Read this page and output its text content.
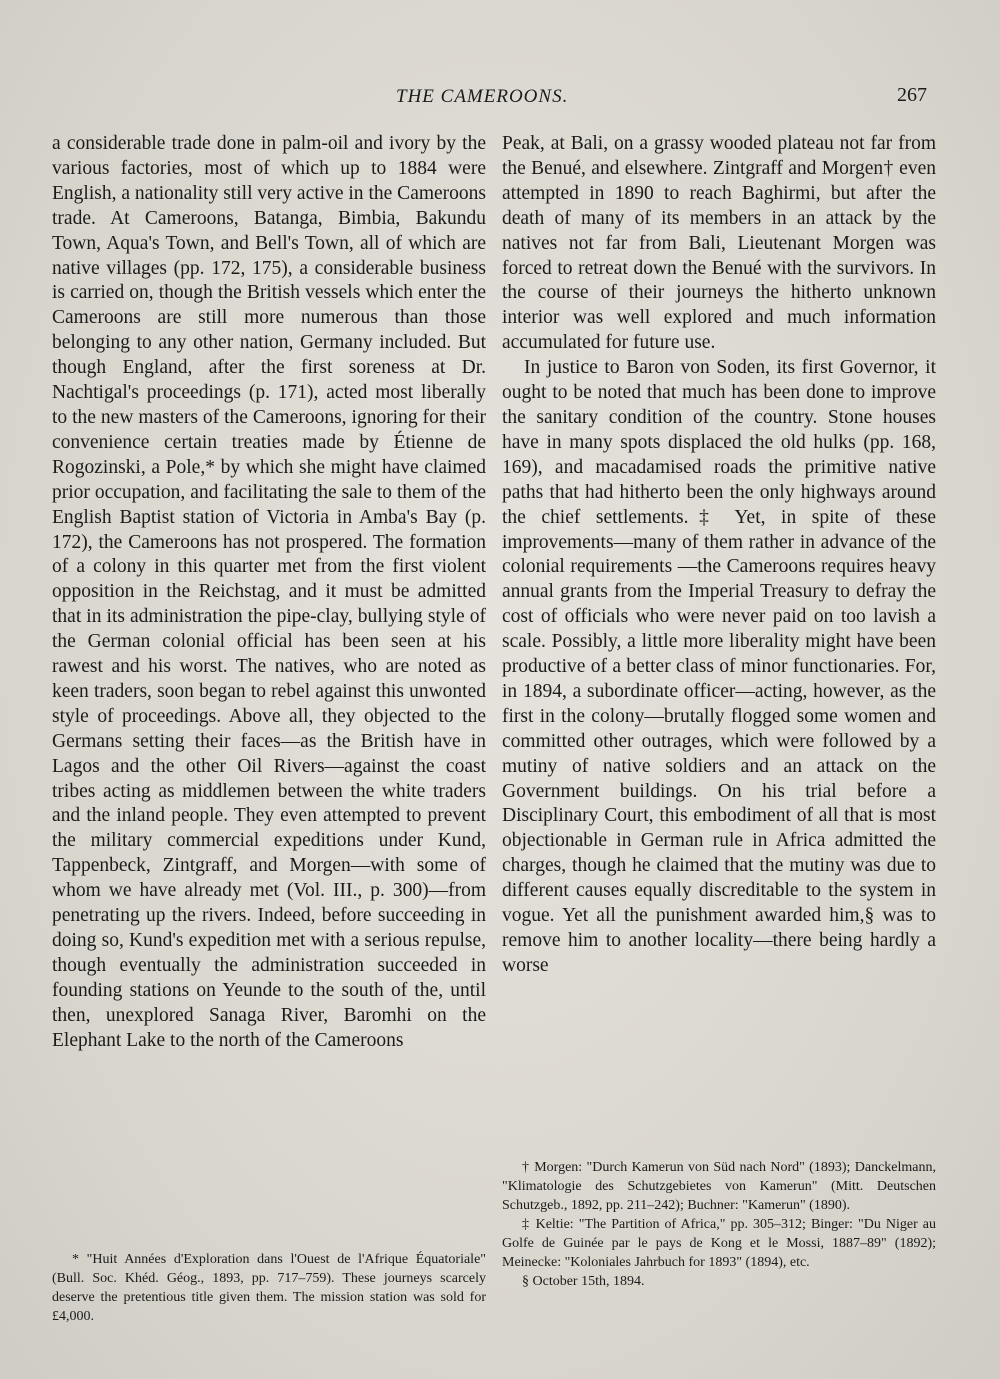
THE CAMEROONS.	267

a considerable trade done in palm-oil and ivory by the various factories, most of which up to 1884 were English, a nationality still very active in the Cameroons trade. At Cameroons, Batanga, Bimbia, Bakundu Town, Aqua's Town, and Bell's Town, all of which are native villages (pp. 172, 175), a considerable business is carried on, though the British vessels which enter the Cameroons are still more numerous than those belonging to any other nation, Germany included. But though England, after the first soreness at Dr. Nachtigal's proceedings (p. 171), acted most liberally to the new masters of the Cameroons, ignoring for their convenience certain treaties made by Étienne de Rogozinski, a Pole,* by which she might have claimed prior occupation, and facilitating the sale to them of the English Baptist station of Victoria in Amba's Bay (p. 172), the Cameroons has not prospered. The formation of a colony in this quarter met from the first violent opposition in the Reichstag, and it must be admitted that in its administration the pipe-clay, bullying style of the German colonial official has been seen at his rawest and his worst. The natives, who are noted as keen traders, soon began to rebel against this unwonted style of proceedings. Above all, they objected to the Germans setting their faces—as the British have in Lagos and the other Oil Rivers—against the coast tribes acting as middlemen between the white traders and the inland people. They even attempted to prevent the military commercial expeditions under Kund, Tappenbeck, Zintgraff, and Morgen—with some of whom we have already met (Vol. III., p. 300)—from penetrating up the rivers. Indeed, before succeeding in doing so, Kund's expedition met with a serious repulse, though eventually the administration succeeded in founding stations on Yeunde to the south of the, until then, unexplored Sanaga River, Baromhi on the Elephant Lake to the north of the Cameroons

Peak, at Bali, on a grassy wooded plateau not far from the Benué, and elsewhere. Zintgraff and Morgen† even attempted in 1890 to reach Baghirmi, but after the death of many of its members in an attack by the natives not far from Bali, Lieutenant Morgen was forced to retreat down the Benué with the survivors. In the course of their journeys the hitherto unknown interior was well explored and much information accumulated for future use.

In justice to Baron von Soden, its first Governor, it ought to be noted that much has been done to improve the sanitary condition of the country. Stone houses have in many spots displaced the old hulks (pp. 168, 169), and macadamised roads the primitive native paths that had hitherto been the only highways around the chief settlements.‡ Yet, in spite of these improvements—many of them rather in advance of the colonial requirements —the Cameroons requires heavy annual grants from the Imperial Treasury to defray the cost of officials who were never paid on too lavish a scale. Possibly, a little more liberality might have been productive of a better class of minor functionaries. For, in 1894, a subordinate officer—acting, however, as the first in the colony—brutally flogged some women and committed other outrages, which were followed by a mutiny of native soldiers and an attack on the Government buildings. On his trial before a Disciplinary Court, this embodiment of all that is most objectionable in German rule in Africa admitted the charges, though he claimed that the mutiny was due to different causes equally discreditable to the system in vogue. Yet all the punishment awarded him,§ was to remove him to another locality—there being hardly a worse

* "Huit Années d'Exploration dans l'Ouest de l'Afrique Équatoriale" (Bull. Soc. Khéd. Géog., 1893, pp. 717–759). These journeys scarcely deserve the pretentious title given them. The mission station was sold for £4,000.

† Morgen: "Durch Kamerun von Süd nach Nord" (1893); Danckelmann, "Klimatologie des Schutzgebietes von Kamerun" (Mitt. Deutschen Schutzgeb., 1892, pp. 211–242); Buchner: "Kamerun" (1890).

‡ Keltie: "The Partition of Africa," pp. 305–312; Binger: "Du Niger au Golfe de Guinée par le pays de Kong et le Mossi, 1887–89" (1892); Meinecke: "Koloniales Jahrbuch for 1893" (1894), etc.

§ October 15th, 1894.
